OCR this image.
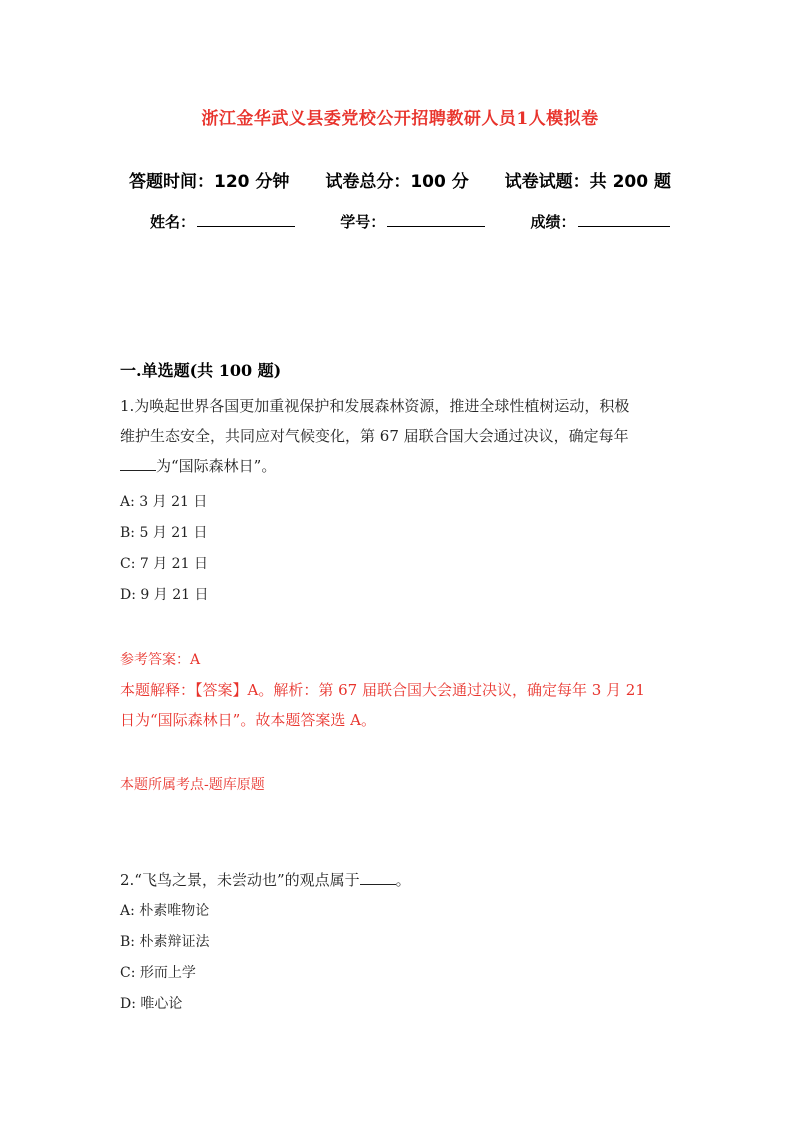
浙江金华武义县委党校公开招聘教研人员1人模拟卷
答题时间：120 分钟 试卷总分：100 分 试卷试题：共 200 题
姓名：	学号：	成绩：
一.单选题(共 100 题)
1.为唤起世界各国更加重视保护和发展森林资源，推进全球性植树运动，积极
维护生态安全，共同应对气候变化，第 67 届联合国大会通过决议，确定每年
为“国际森林日”。
A: 3 月 21 日
B: 5 月 21 日
C: 7 月 21 日
D: 9 月 21 日
参考答案：A
本题解释：【答案】A。解析：第 67 届联合国大会通过决议，确定每年 3 月 21
日为“国际森林日”。故本题答案选 A。
本题所属考点-题库原题
2.“飞鸟之景，未尝动也”的观点属于 。
A: 朴素唯物论
B: 朴素辩证法
C: 形而上学
D: 唯心论
